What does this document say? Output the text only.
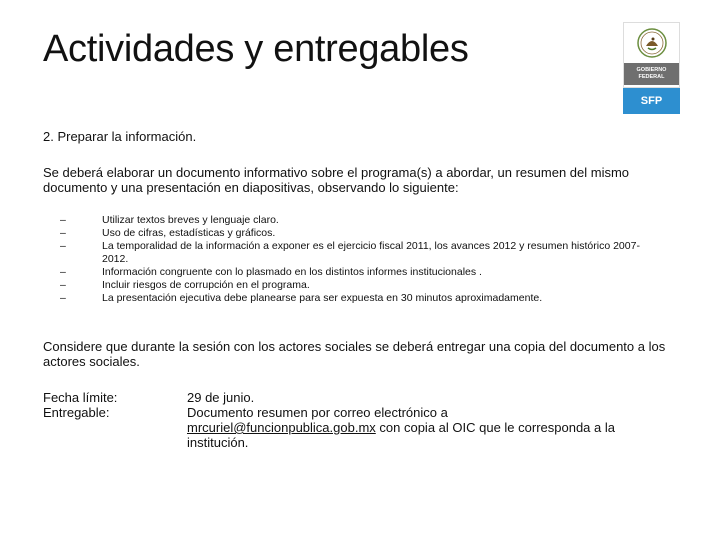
Actividades y entregables	GOBIERNO
FEDERAL
SFP

2. Preparar la información.

Se deberá elaborar un documento informativo sobre el programa(s) a abordar, un resumen del mismo documento y una presentación en diapositivas, observando lo siguiente:

–	Utilizar textos breves y lenguaje claro.
–	Uso de cifras, estadísticas y gráficos.
–	La temporalidad de la información a exponer es el ejercicio fiscal 2011, los avances 2012 y resumen histórico 2007-2012.
–	Información congruente con lo plasmado en los distintos informes institucionales .
–	Incluir riesgos de corrupción en el programa.
–	La presentación ejecutiva debe planearse para ser expuesta en 30 minutos aproximadamente.

Considere que durante la sesión con los actores sociales se deberá entregar una copia del documento a los actores sociales.

Fecha límite:	29 de junio.
Entregable:	Documento resumen por correo electrónico a
mrcuriel@funcionpublica.gob.mx con copia al OIC que le corresponda a la institución.
